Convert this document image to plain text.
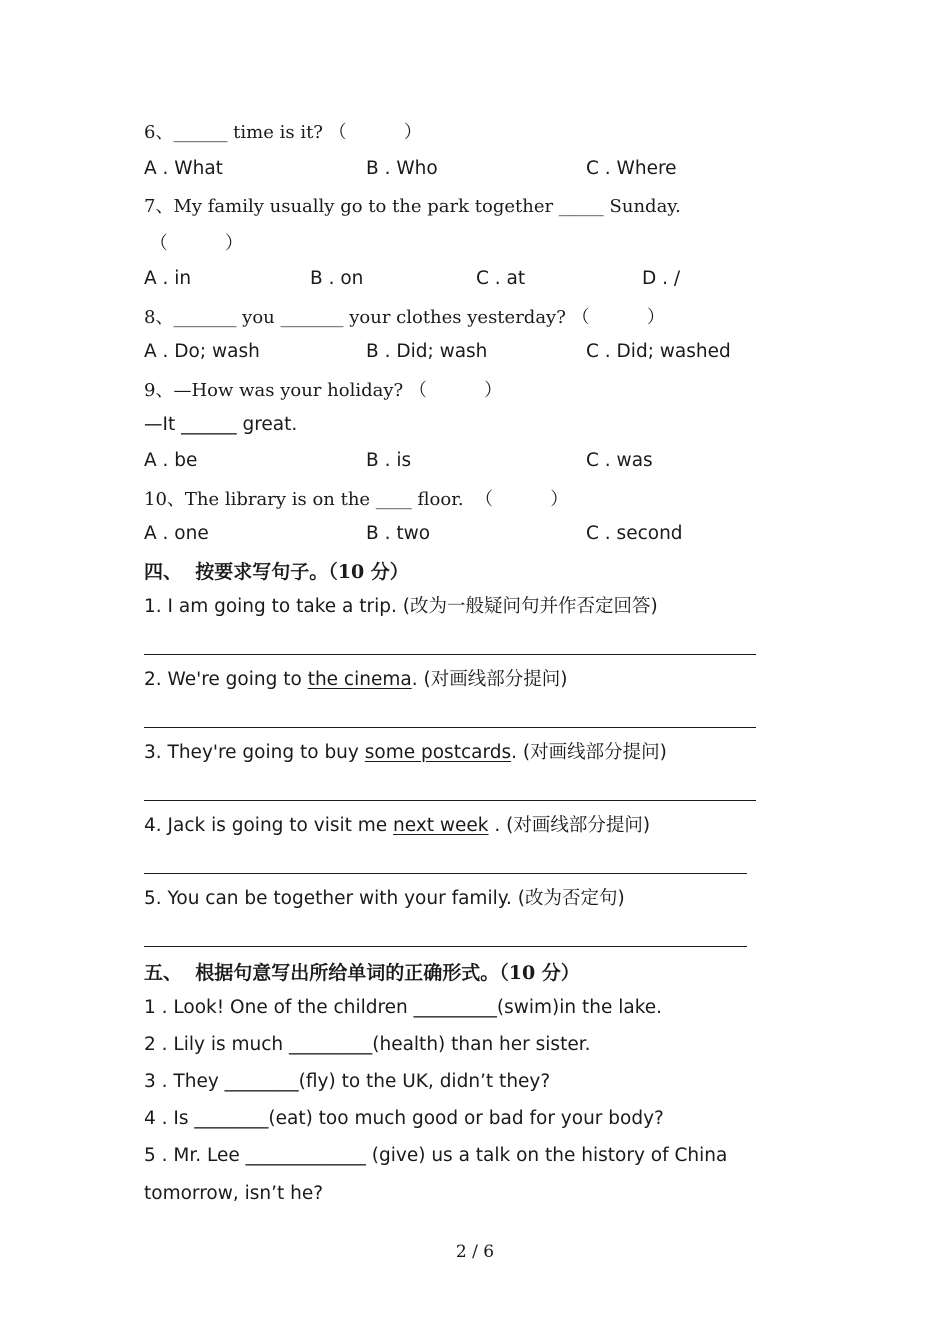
6、______ time is it? （          ）
A . What	B . Who	C . Where
7、My family usually go to the park together _____ Sunday.
（          ）
A . in	B . on	C . at	D . /
8、_______ you _______ your clothes yesterday? （          ）
A . Do; wash	B . Did; wash	C . Did; washed
9、—How was your holiday? （          ）
—It ______ great.
A . be	B . is	C . was
10、The library is on the ____ floor.  （          ）
A . one	B . two	C . second
四、  按要求写句子。（10 分）
1. I am going to take a trip. (改为一般疑问句并作否定回答)
2. We're going to the cinema. (对画线部分提问)
3. They're going to buy some postcards. (对画线部分提问)
4. Jack is going to visit me next week . (对画线部分提问)
5. You can be together with your family. (改为否定句)
五、  根据句意写出所给单词的正确形式。（10 分）
1 . Look! One of the children _________(swim)in the lake.
2 . Lily is much _________(health) than her sister.
3 . They ________(fly) to the UK, didn’t they?
4 . Is ________(eat) too much good or bad for your body?
5 . Mr. Lee _____________ (give) us a talk on the history of China
tomorrow, isn’t he?
2 / 6
